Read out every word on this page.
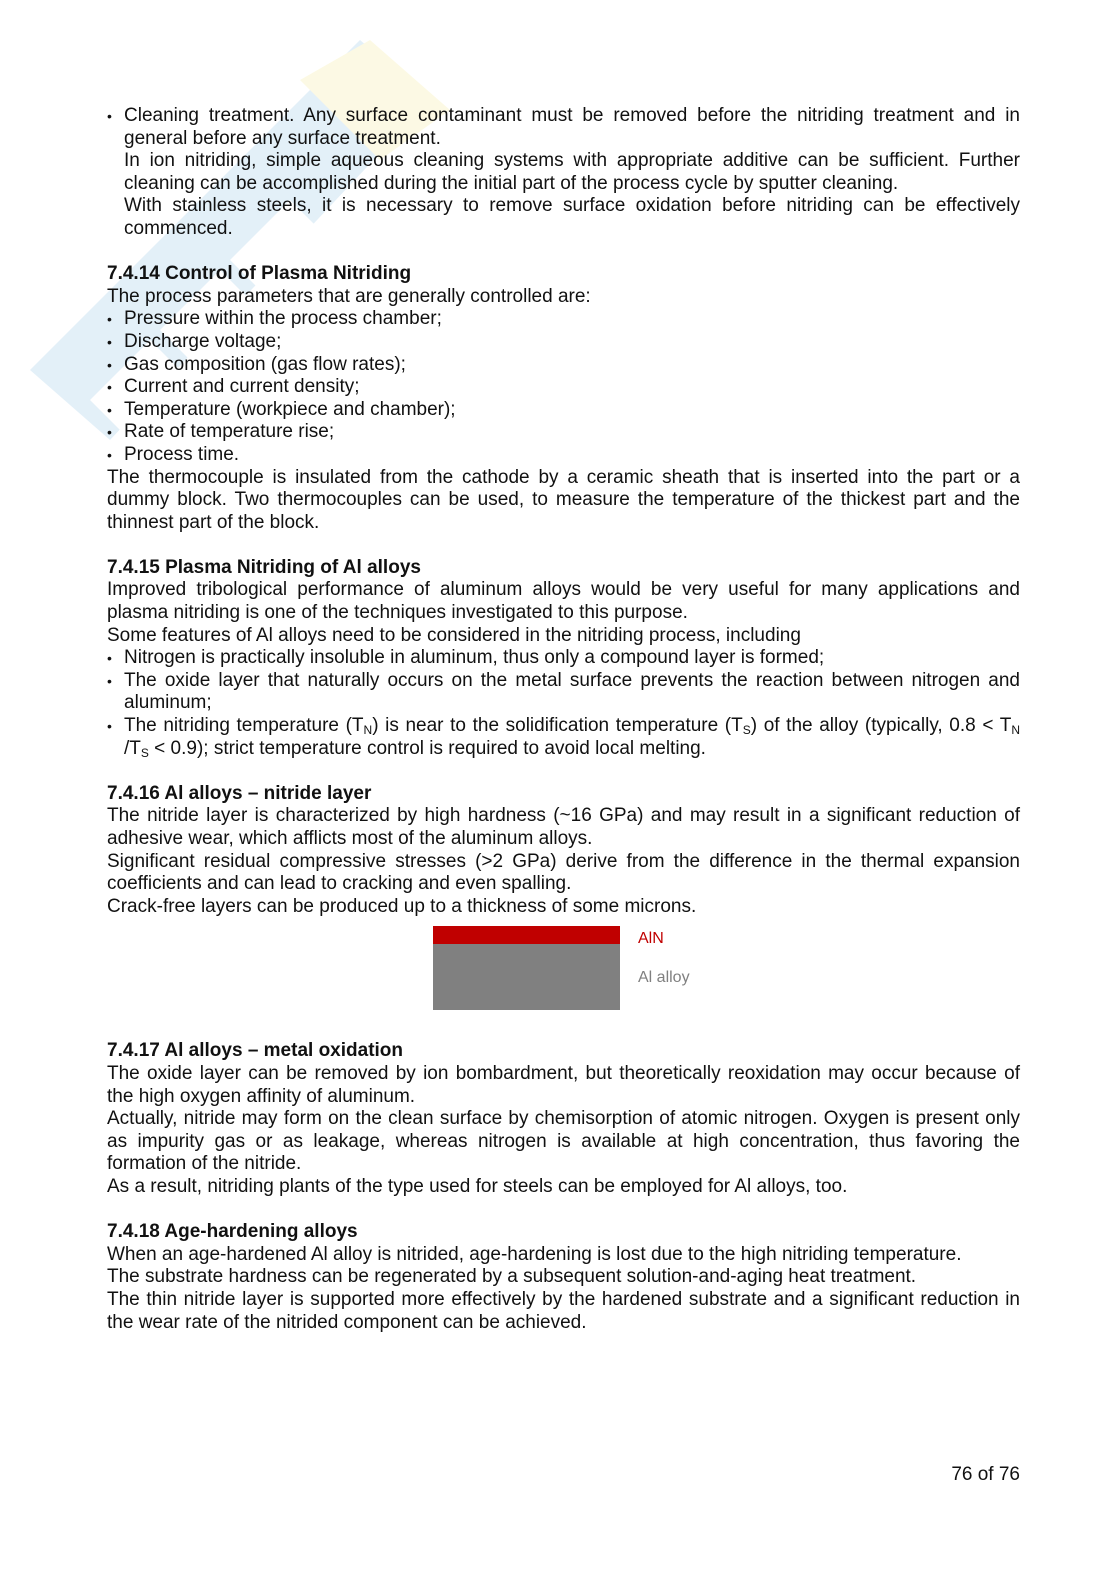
• Cleaning treatment. Any surface contaminant must be removed before the nitriding treatment and in general before any surface treatment.

In ion nitriding, simple aqueous cleaning systems with appropriate additive can be sufficient. Further cleaning can be accomplished during the initial part of the process cycle by sputter cleaning.

With stainless steels, it is necessary to remove surface oxidation before nitriding can be effectively commenced.

7.4.14 Control of Plasma Nitriding

The process parameters that are generally controlled are:

• Pressure within the process chamber;
• Discharge voltage;
• Gas composition (gas flow rates);
• Current and current density;
• Temperature (workpiece and chamber);
• Rate of temperature rise;
• Process time.

The thermocouple is insulated from the cathode by a ceramic sheath that is inserted into the part or a dummy block. Two thermocouples can be used, to measure the temperature of the thickest part and the thinnest part of the block.

7.4.15 Plasma Nitriding of Al alloys

Improved tribological performance of aluminum alloys would be very useful for many applications and plasma nitriding is one of the techniques investigated to this purpose.

Some features of Al alloys need to be considered in the nitriding process, including

• Nitrogen is practically insoluble in aluminum, thus only a compound layer is formed;
• The oxide layer that naturally occurs on the metal surface prevents the reaction between nitrogen and aluminum;
• The nitriding temperature $(T_N)$ is near to the solidification temperature $(T_S)$ of the alloy (typically, $0.8 < T_N$ $/T_S < 0.9$); strict temperature control is required to avoid local melting.
7.4.16 Al alloys – nitride layer

The nitride layer is characterized by high hardness (~16 GPa) and may result in a significant reduction of adhesive wear, which afflicts most of the aluminum alloys.

Significant residual compressive stresses (>2 GPa) derive from the difference in the thermal expansion coefficients and can lead to cracking and even spalling.

Crack-free layers can be produced up to a thickness of some microns.

AlN
Al alloy
7.4.17 Al alloys – metal oxidation

The oxide layer can be removed by ion bombardment, but theoretically reoxidation may occur because of the high oxygen affinity of aluminum.

Actually, nitride may form on the clean surface by chemisorption of atomic nitrogen. Oxygen is present only as impurity gas or as leakage, whereas nitrogen is available at high concentration, thus favoring the formation of the nitride.

As a result, nitriding plants of the type used for steels can be employed for Al alloys, too.

7.4.18 Age-hardening alloys

When an age-hardened Al alloy is nitrided, age-hardening is lost due to the high nitriding temperature.

The substrate hardness can be regenerated by a subsequent solution-and-aging heat treatment.

The thin nitride layer is supported more effectively by the hardened substrate and a significant reduction in the wear rate of the nitrided component can be achieved.

76 of 76
